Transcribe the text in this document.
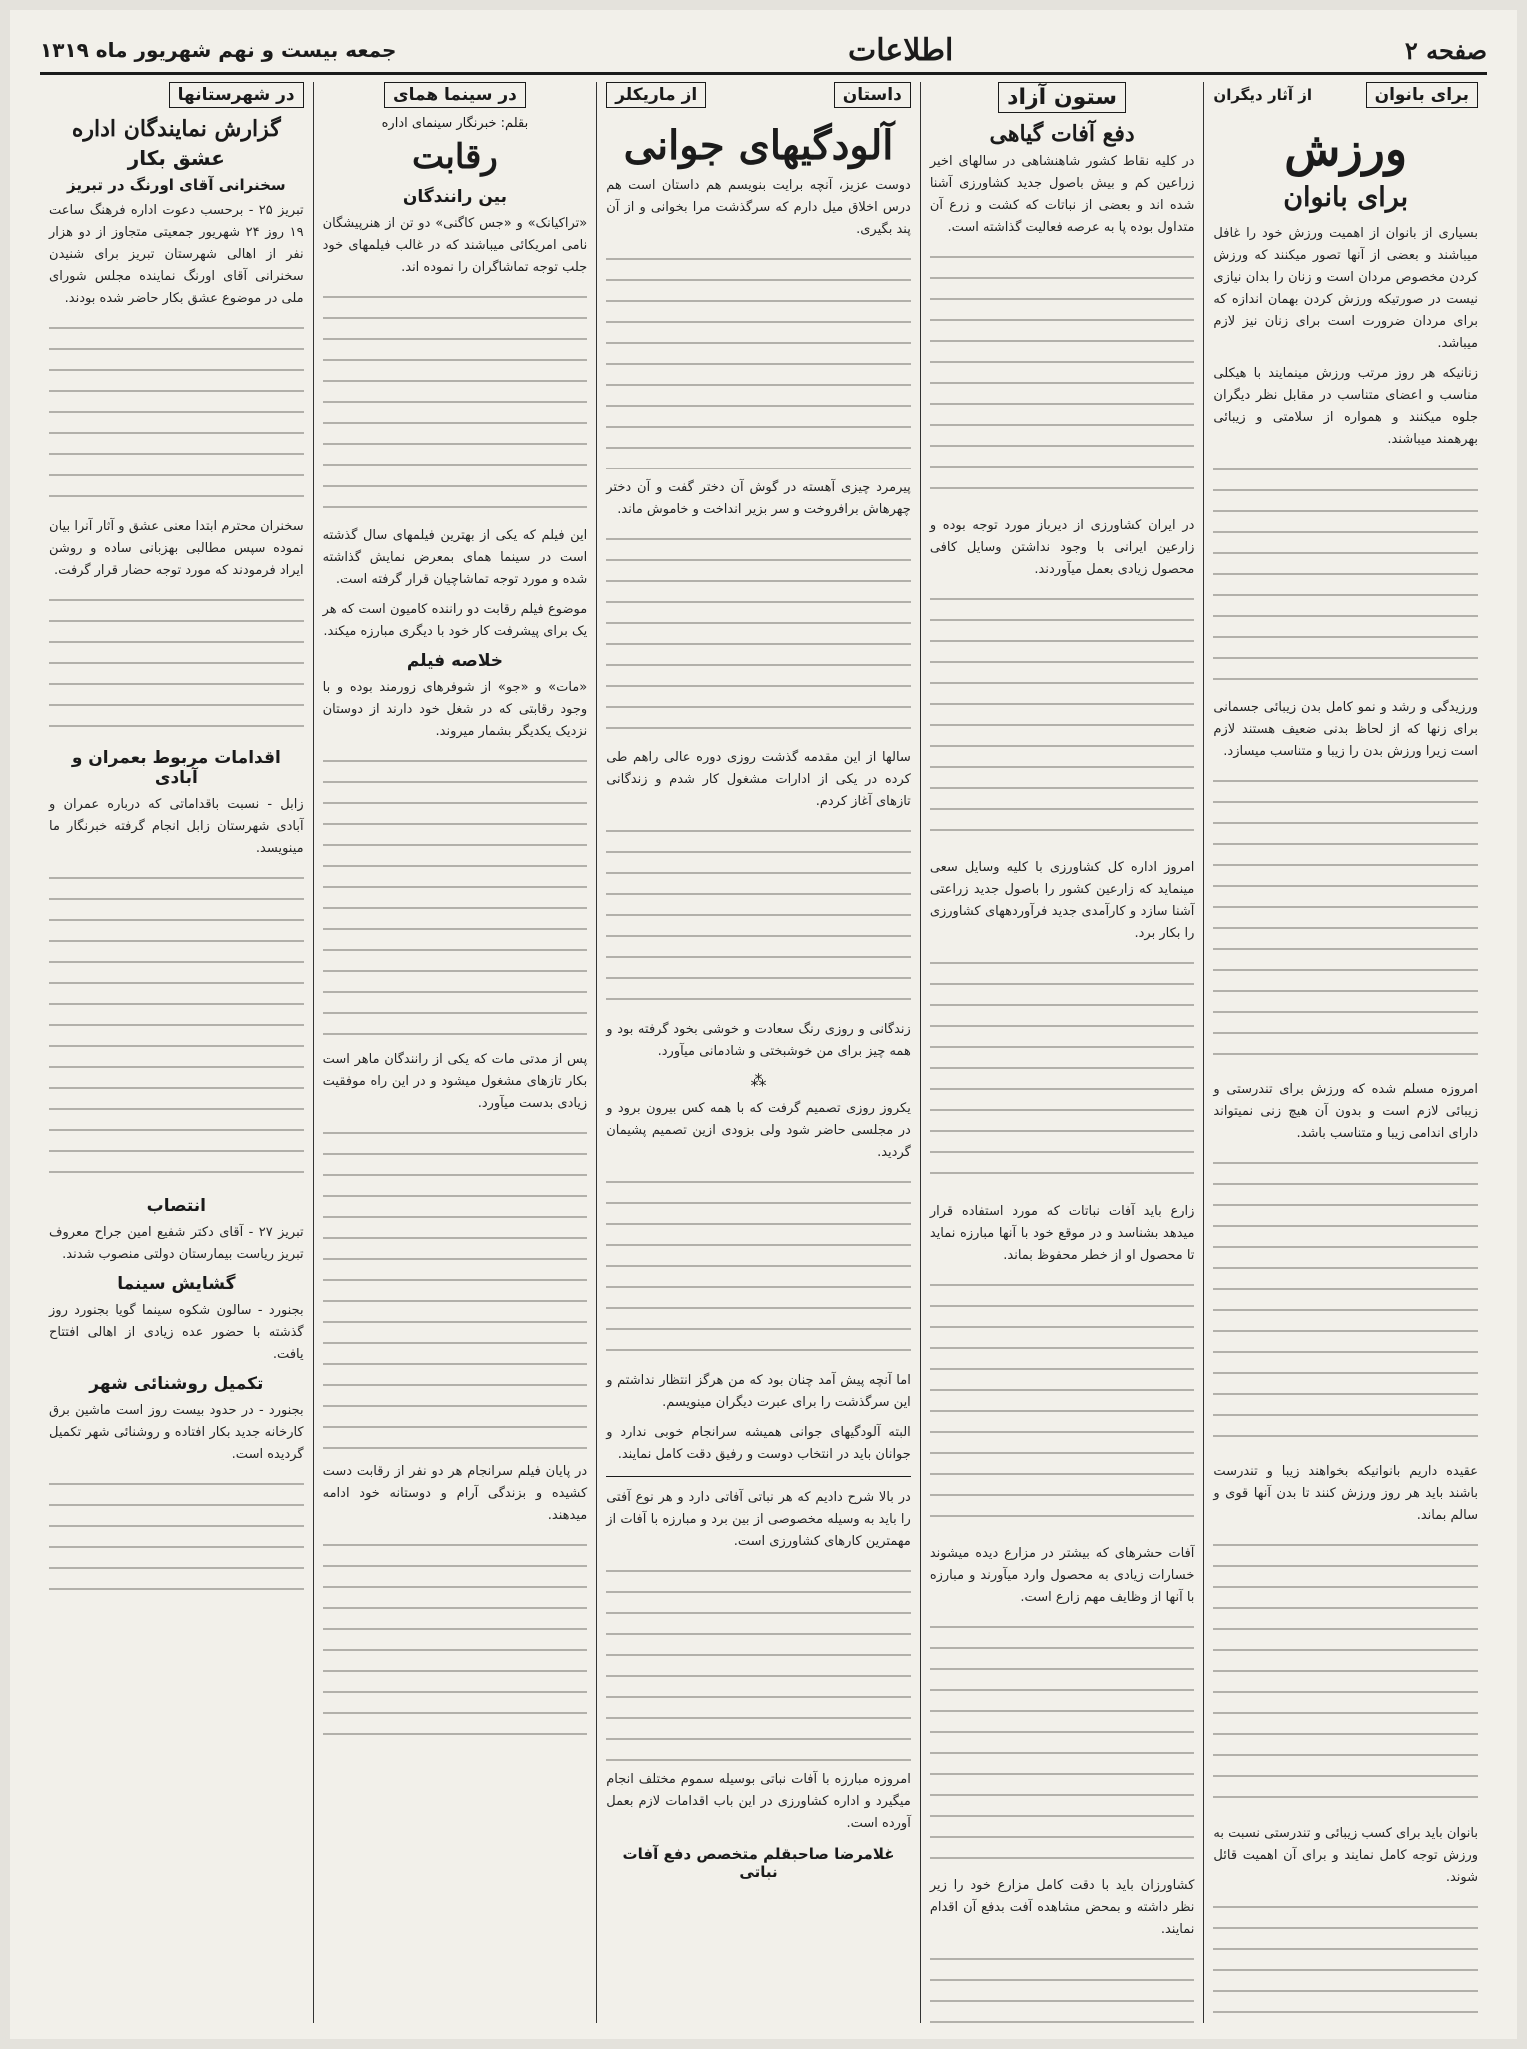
صفحه ۲
اطلاعات
جمعه بیست و نهم شهریور ماه ۱۳۱۹
برای بانوان
از آثار دیگران
ورزش
برای بانوان

بسیاری از بانوان از اهمیت ورزش خود را غافل میباشند و بعضی از آنها تصور میکنند که ورزش کردن مخصوص مردان است و زنان را بدان نیازی نیست در صورتیکه ورزش کردن بهمان اندازه که برای مردان ضرورت است برای زنان نیز لازم میباشد.

زنانیکه هر روز مرتب ورزش مینمایند با هیکلی مناسب و اعضای متناسب در مقابل نظر دیگران جلوه میکنند و همواره از سلامتی و زیبائی بهرهمند میباشند.

ورزیدگی و رشد و نمو کامل بدن زیبائی جسمانی برای زنها که از لحاظ بدنی ضعیف هستند لازم است زیرا ورزش بدن را زیبا و متناسب میسازد.

امروزه مسلم شده که ورزش برای تندرستی و زیبائی لازم است و بدون آن هیچ زنی نمیتواند دارای اندامی زیبا و متناسب باشد.

عقیده داریم بانوانیکه بخواهند زیبا و تندرست باشند باید هر روز ورزش کنند تا بدن آنها قوی و سالم بماند.

بانوان باید برای کسب زیبائی و تندرستی نسبت به ورزش توجه کامل نمایند و برای آن اهمیت قائل شوند.

ستون آزاد
دفع آفات گیاهی

در کلیه نقاط کشور شاهنشاهی در سالهای اخیر زراعین کم و بیش باصول جدید کشاورزی آشنا شده اند و بعضی از نباتات که کشت و زرع آن متداول بوده پا به عرصه فعالیت گذاشته است.

در ایران کشاورزی از دیرباز مورد توجه بوده و زارعین ایرانی با وجود نداشتن وسایل کافی محصول زیادی بعمل میآوردند.

امروز اداره کل کشاورزی با کلیه وسایل سعی مینماید که زارعین کشور را باصول جدید زراعتی آشنا سازد و کارآمدی جدید فرآوردههای کشاورزی را بکار برد.

زارع باید آفات نباتات که مورد استفاده قرار میدهد بشناسد و در موقع خود با آنها مبارزه نماید تا محصول او از خطر محفوظ بماند.

آفات حشرهای که بیشتر در مزارع دیده میشوند خسارات زیادی به محصول وارد میآورند و مبارزه با آنها از وظایف مهم زارع است.

کشاورزان باید با دقت کامل مزارع خود را زیر نظر داشته و بمحض مشاهده آفت بدفع آن اقدام نمایند.

داستان
از ماریکلر
آلودگیهای جوانی

دوست عزیز، آنچه برایت بنویسم هم داستان است هم درس اخلاق میل دارم که سرگذشت مرا بخوانی و از آن پند بگیری.

پیرمرد چیزی آهسته در گوش آن دختر گفت و آن دختر چهرهاش برافروخت و سر بزیر انداخت و خاموش ماند.

سالها از این مقدمه گذشت روزی دوره عالی راهم طی کرده در یکی از ادارات مشغول کار شدم و زندگانی تازهای آغاز کردم.

زندگانی و روزی رنگ سعادت و خوشی بخود گرفته بود و همه چیز برای من خوشبختی و شادمانی میآورد.

⁂

یکروز روزی تصمیم گرفت که با همه کس بیرون برود و در مجلسی حاضر شود ولی بزودی ازین تصمیم پشیمان گردید.

اما آنچه پیش آمد چنان بود که من هرگز انتظار نداشتم و این سرگذشت را برای عبرت دیگران مینویسم.

البته آلودگیهای جوانی همیشه سرانجام خوبی ندارد و جوانان باید در انتخاب دوست و رفیق دقت کامل نمایند.

در بالا شرح دادیم که هر نباتی آفاتی دارد و هر نوع آفتی را باید به وسیله مخصوصی از بین برد و مبارزه با آفات از مهمترین کارهای کشاورزی است.

امروزه مبارزه با آفات نباتی بوسیله سموم مختلف انجام میگیرد و اداره کشاورزی در این باب اقدامات لازم بعمل آورده است.

غلامرضا صاحبقلم متخصص دفع آفات نباتی
در سینما همای
بقلم: خبرنگار سینمای اداره
رقابت
بین رانندگان

«تراکیانک» و «جس کاگنی» دو تن از هنرپیشگان نامی امریکائی میباشند که در غالب فیلمهای خود جلب توجه تماشاگران را نموده اند.

این فیلم که یکی از بهترین فیلمهای سال گذشته است در سینما همای بمعرض نمایش گذاشته شده و مورد توجه تماشاچیان قرار گرفته است.

موضوع فیلم رقابت دو راننده کامیون است که هر یک برای پیشرفت کار خود با دیگری مبارزه میکند.

خلاصه فیلم

«مات» و «جو» از شوفرهای زورمند بوده و با وجود رقابتی که در شغل خود دارند از دوستان نزدیک یکدیگر بشمار میروند.

پس از مدتی مات که یکی از رانندگان ماهر است بکار تازهای مشغول میشود و در این راه موفقیت زیادی بدست میآورد.

در پایان فیلم سرانجام هر دو نفر از رقابت دست کشیده و بزندگی آرام و دوستانه خود ادامه میدهند.

در شهرستانها
گزارش نمایندگان اداره
عشق بکار
سخنرانی آقای اورنگ در تبریز

تبریز ۲۵ - برحسب دعوت اداره فرهنگ ساعت ۱۹ روز ۲۴ شهریور جمعیتی متجاوز از دو هزار نفر از اهالی شهرستان تبریز برای شنیدن سخنرانی آقای اورنگ نماینده مجلس شورای ملی در موضوع عشق بکار حاضر شده بودند.

سخنران محترم ابتدا معنی عشق و آثار آنرا بیان نموده سپس مطالبی بهزبانی ساده و روشن ایراد فرمودند که مورد توجه حضار قرار گرفت.

اقدامات مربوط بعمران و آبادی

زابل - نسبت باقداماتی که درباره عمران و آبادی شهرستان زابل انجام گرفته خبرنگار ما مینویسد.

انتصاب

تبریز ۲۷ - آقای دکتر شفیع امین جراح معروف تبریز ریاست بیمارستان دولتی منصوب شدند.

گشایش سینما

بجنورد - سالون شکوه سینما گویا بجنورد روز گذشته با حضور عده زیادی از اهالی افتتاح یافت.

تکمیل روشنائی شهر

بجنورد - در حدود بیست روز است ماشین برق کارخانه جدید بکار افتاده و روشنائی شهر تکمیل گردیده است.
